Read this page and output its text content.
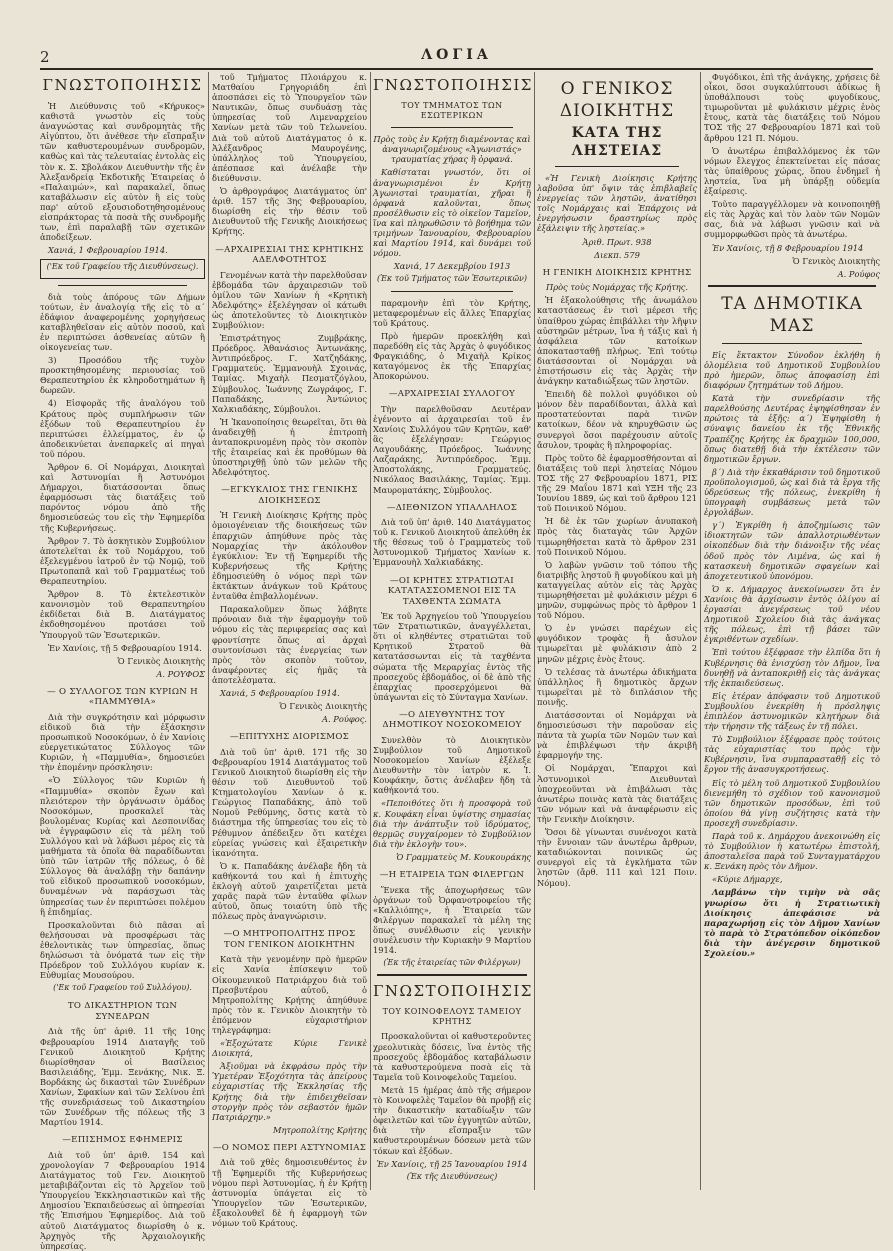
2	ΛΟΓΙΑ
ΓΝΩΣΤΟΠΟΙΗΣΙΣ

Ἡ Διεύθυνσις τοῦ «Κήρυκος» καθιστᾶ γνωστὸν εἰς τοὺς ἀναγνώστας καὶ συνδρομητὰς τῆς Αἰγύπτου, ὅτι ἀνέθεσε τὴν εἴσπραξιν τῶν καθυστερουμένων συνδρομῶν, καθὼς καὶ τὰς τελευταίας ἐντολὰς εἰς τὸν κ. Σ. Σβολάκον Διευθυντὴν τῆς ἐν Ἀλεξανδρείᾳ Ἐκδοτικῆς Ἑταιρείας ὁ «Παλαιμών», καὶ παρακαλεῖ, ὅπως καταβάλωσιν εἰς αὐτὸν ἢ εἰς τοὺς παρ' αὐτοῦ εξουσιοδοτηθησομένους εἰσπράκτορας τὰ ποσὰ τῆς συνδρομῆς των, ἐπὶ παραλαβῇ τῶν σχετικῶν ἀποδείξεων.

Χανιά, 1 Φεβρουαρίου 1914.

('Εκ τοῦ Γραφείου τῆς Διευθύνσεως).

διὰ τοὺς ἀπόρους τῶν Δήμων τούτων, ἐν ἀναλογίᾳ τῆς εἰς τὸ α΄ ἐδάφιον ἀναφερομένης χορηγήσεως καταβληθεῖσαν εἰς αὐτὸν ποσοῦ, καὶ ἐν περιπτώσει ἀσθενείας αὐτῶν ἢ οἰκογενείας των.

3) Προσόδου τῆς τυχὸν προσκτηθησομένης περιουσίας τοῦ Θεραπευτηρίου ἐκ κληροδοτημάτων ἢ δωρεῶν.

4) Εἰσφορᾶς τῆς ἀναλόγου τοῦ Κράτους πρὸς συμπλήρωσιν τῶν ἐξόδων τοῦ Θεραπευτηρίου ἐν περιπτώσει ἐλλείμματος, ἐν ᾧ ἀποδεικνύεται ἀνεπαρκεῖς αἱ πηγαὶ τοῦ πόρου.

Ἄρθρον 6. Οἱ Νομάρχαι, Διοικηταὶ καὶ Ἀστυνομίαι ἢ Ἀστυνόμοι Δήμαρχοι, διατάσσονται ὅπως ἐφαρμόσωσι τὰς διατάξεις τοῦ παρόντος νόμου ἀπὸ τῆς δημοσιεύσεώς του εἰς τὴν Ἐφημερίδα τῆς Κυβερνήσεως.

Ἄρθρον 7. Τὸ ἀσκητικὸν Συμβούλιον ἀποτελεῖται ἐκ τοῦ Νομάρχου, τοῦ ἐξελεγμένου ἰατροῦ ἐν τῷ Νομῷ, τοῦ Πρωτοπαπᾶ καὶ τοῦ Γραμματέως τοῦ Θεραπευτηρίου.

Ἄρθρον 8. Τὸ ἐκτελεστικὸν κανονισμὸν τοῦ Θεραπευτηρίου ἐκδίδεται διὰ Β. Διατάγματος ἐκδοθησομένου προτάσει τοῦ Ὑπουργοῦ τῶν Ἐσωτερικῶν.

Ἐν Χανίοις, τῇ 5 Φεβρουαρίου 1914.

Ὁ Γενικὸς Διοικητὴς

Α. ΡΟΥΦΟΣ

— Ο ΣΥΛΛΟΓΟΣ ΤΩΝ ΚΥΡΙΩΝ Η «ΠΑΜΜΥΘΙΑ»

Διὰ τὴν συγκρότησιν καὶ μόρφωσιν εἰδικοῦ διὰ τὴν ἐξάσκησιν προσωπικοῦ Νοσοκόμων, ὁ ἐν Χανίοις εὐεργετικώτατος Σύλλογος τῶν Κυριῶν, ἡ «Παμμυθία», δημοσιεύει τὴν ἑπομένην πρόσκλησιν:

«Ὁ Σύλλογος τῶν Κυριῶν ἡ «Παμμυθία» σκοπὸν ἔχων καὶ πλειότερον τὴν ὀργάνωσιν ὁμάδος Νοσοκόμων, προσκαλεῖ τὰς βουλομένας Κυρίας καὶ Δεσποινίδας νὰ ἐγγραφῶσιν εἰς τὰ μέλη τοῦ Συλλόγου καὶ νὰ λάβωσι μέρος εἰς τὰ μαθήματα τὰ ὁποῖα θὰ παραδίδωνται ὑπὸ τῶν ἰατρῶν τῆς πόλεως, ὁ δὲ Σύλλογος θὰ ἀναλάβῃ τὴν δαπάνην τοῦ εἰδικοῦ προσωπικοῦ νοσοκόμων, δυναμένων νὰ παράσχωσι τὰς ὑπηρεσίας των ἐν περιπτώσει πολέμου ἢ ἐπιδημίας.

Προσκαλοῦνται διὸ πᾶσαι αἱ θελήσουσαι νὰ προσφέρωσι τὰς ἐθελοντικὰς των ὑπηρεσίας, ὅπως δηλώσωσι τὰ ὀνόματά των εἰς τὴν Πρόεδρον τοῦ Συλλόγου κυρίαν κ. Εὐθυμίας Μουσούρου.

('Εκ τοῦ Γραφείου τοῦ Συλλόγου).

ΤΟ ΔΙΚΑΣΤΗΡΙΟΝ ΤΩΝ ΣΥΝΕΔΡΩΝ

Διὰ τῆς ὑπ' ἀριθ. 11 τῆς 10ης Φεβρουαρίου 1914 Διαταγῆς τοῦ Γενικοῦ Διοικητοῦ Κρήτης διωρίσθησαν οἱ Βασίλειος Βασιλειάδης, Ἐμμ. Ξενάκης, Νικ. Ξ. Βορδάκης ὡς δικασταὶ τῶν Συνέδρων Χανίων, Σφακίων καὶ τῶν Σελίνου ἐπὶ τῆς συνεδριάσεως τοῦ Δικαστηρίου τῶν Συνέδρων τῆς πόλεως τῆς 3 Μαρτίου 1914.

—ΕΠΙΣΗΜΟΣ ΕΦΗΜΕΡΙΣ

Διὰ τοῦ ὑπ' ἀριθ. 154 καὶ χρονολογίαν 7 Φεβρουαρίου 1914 Διατάγματος τοῦ Γεν. Διοικητοῦ μεταβιβάζονται εἰς τὸ Ἀρχεῖον τοῦ Ὑπουργείου Ἐκκλησιαστικῶν καὶ τῆς Δημοσίου Ἐκπαιδεύσεως αἱ ὑπηρεσίαι τῆς Ἐπισήμου Ἐφημερίδος. Διὰ τοῦ αὐτοῦ Διατάγματος διωρίσθη ὁ κ. Ἀρχηγὸς τῆς Ἀρχαιολογικῆς ὑπηρεσίας.

τοῦ Τμήματος Πλοιάρχου κ. Ματθαίου Γρηγοριάδη ἐπὶ ἀποσπάσει εἰς τὸ Ὑπουργεῖον τῶν Ναυτικῶν, ὅπως συνδυάσῃ τὰς ὑπηρεσίας τοῦ Λιμεναρχείου Χανίων μετὰ τῶν τοῦ Τελωνείου. Διὰ τοῦ αὐτοῦ Διατάγματος ὁ κ. Ἀλέξανδρος Μαυρογένης, ὑπάλληλος τοῦ Ὑπουργείου, ἀπέσπασε καὶ ἀνέλαβε τὴν διεύθυνσιν.

Ὁ ἀρθρογράφος Διατάγματος ὑπ' ἀριθ. 157 τῆς 3ης Φεβρουαρίου, διωρίσθη εἰς τὴν θέσιν τοῦ Διευθυντοῦ τῆς Γενικῆς Διοικήσεως Κρήτης.

—ΑΡΧΑΙΡΕΣΙΑΙ ΤΗΣ ΚΡΗΤΙΚΗΣ ΑΔΕΛΦΟΤΗΤΟΣ

Γενομένων κατὰ τὴν παρελθοῦσαν ἑβδομάδα τῶν ἀρχαιρεσιῶν τοῦ ὁμίλου τῶν Χανίων ἡ «Κρητικὴ Ἀδελφότης» ἐξελέγησαν οἱ κάτωθι ὡς ἀποτελοῦντες τὸ Διοικητικὸν Συμβούλιον:

Ἐπιστράτηγος Ζυμβράκης, Πρόεδρος. Ἀθανάσιος Ἀντωνάκης, Ἀντιπρόεδρος. Γ. Χατζηδάκης, Γραμματεύς. Ἐμμανουὴλ Σχοινάς, Ταμίας. Μιχαὴλ Πεσματζόγλου, Σύμβουλος. Ἰωάννης Ζωγράφος, Γ. Παπαδάκης, Ἀντώνιος Χαλκιαδάκης, Σύμβουλοι.

Ἡ Ἰκανοποίησις θεωρεῖται, ὅτι θὰ ἀναδειχθῇ ἡ ἐπιτροπὴ ἀνταποκρινομένη πρὸς τὸν σκοπὸν τῆς ἑταιρείας καὶ ἐκ προθύμων θὰ ὑποστηριχθῇ ὑπὸ τῶν μελῶν τῆς Ἀδελφότητος.

—ΕΓΚΥΚΛΙΟΣ ΤΗΣ ΓΕΝΙΚΗΣ ΔΙΟΙΚΗΣΕΩΣ

Ἡ Γενικὴ Διοίκησις Κρήτης πρὸς ὁμοιογένειαν τῆς διοικήσεως τῶν ἐπαρχιῶν ἀπηύθυνε πρὸς τὰς Νομαρχίας τὴν ἀκόλουθον ἐγκύκλιον: Ἐν τῇ Ἐφημερίδι τῆς Κυβερνήσεως τῆς Κρήτης ἐδημοσιεύθη ὁ νόμος περὶ τῶν ἐκτάκτων ἀνάγκων τοῦ Κράτους ἐνταῦθα ἐπιβαλλομένων.

Παρακαλοῦμεν ὅπως λάβητε πρόνοιαν διὰ τὴν ἐφαρμογὴν τοῦ νόμου εἰς τὰς περιφερείας σας καὶ φροντίσητε ὅπως αἱ ἀρχαὶ συντονίσωσι τὰς ἐνεργείας των πρὸς τὸν σκοπὸν τοῦτον, ἀναφέροντες εἰς ἡμᾶς τὰ ἀποτελέσματα.

Χανιά, 5 Φεβρουαρίου 1914.

Ὁ Γενικὸς Διοικητὴς

Α. Ρούφος.

—ΕΠΙΤΥΧΗΣ ΔΙΟΡΙΣΜΟΣ

Διὰ τοῦ ὑπ' ἀριθ. 171 τῆς 30 Φεβρουαρίου 1914 Διατάγματος τοῦ Γενικοῦ Διοικητοῦ διωρίσθη εἰς τὴν θέσιν τοῦ Διευθυντοῦ τοῦ Κτηματολογίου Χανίων ὁ κ. Γεώργιος Παπαδάκης, ἀπὸ τοῦ Νομοῦ Ρεθύμνης, ὅστις κατὰ τὸ διάστημα τῆς ὑπηρεσίας του εἰς τὸ Ρέθυμνον ἀπέδειξεν ὅτι κατέχει εὐρείας γνώσεις καὶ ἐξαιρετικὴν ἱκανότητα.

Ὁ κ. Παπαδάκης ἀνέλαβε ἤδη τὰ καθήκοντά του καὶ ἡ ἐπιτυχὴς ἐκλογὴ αὐτοῦ χαιρετίζεται μετὰ χαρᾶς παρὰ τῶν ἐνταῦθα φίλων αὐτοῦ, ὅπως τοιαύτη ὑπὸ τῆς πόλεως πρὸς ἀναγνώρισιν.

—Ο ΜΗΤΡΟΠΟΛΙΤΗΣ ΠΡΟΣ ΤΟΝ ΓΕΝΙΚΟΝ ΔΙΟΙΚΗΤΗΝ

Κατὰ τὴν γενομένην πρὸ ἡμερῶν εἰς Χανία ἐπίσκεψιν τοῦ Οἰκουμενικοῦ Πατριάρχου διὰ τοῦ Πρεσβυτέρου αὐτοῦ, ὁ Μητροπολίτης Κρήτης ἀπηύθυνε πρὸς τὸν κ. Γενικὸν Διοικητὴν τὸ ἑπόμενον εὐχαριστήριον τηλεγράφημα:

«Ἐξοχώτατε Κύριε Γενικὲ Διοικητά,

Ἀξιοῦμαι νὰ ἐκφράσω πρὸς τὴν Ὑμετέραν Ἐξοχότητα τὰς ἀπείρους εὐχαριστίας τῆς Ἐκκλησίας τῆς Κρήτης διὰ τὴν ἐπιδειχθεῖσαν στοργὴν πρὸς τὸν σεβαστὸν ἡμῶν Πατριάρχην.»

Μητροπολίτης Κρήτης

—Ο ΝΟΜΟΣ ΠΕΡΙ ΑΣΤΥΝΟΜΙΑΣ

Διὰ τοῦ χθὲς δημοσιευθέντος ἐν τῇ Ἐφημερίδι τῆς Κυβερνήσεως νόμου περὶ Ἀστυνομίας, ἡ ἐν Κρήτῃ ἀστυνομία ὑπάγεται εἰς τὸ Ὑπουργεῖον τῶν Ἐσωτερικῶν, ἐξακολουθεῖ δὲ ἡ ἐφαρμογὴ τῶν νόμων τοῦ Κράτους.

ΓΝΩΣΤΟΠΟΙΗΣΙΣ
ΤΟΥ ΤΜΗΜΑΤΟΣ ΤΩΝ ΕΣΩΤΕΡΙΚΩΝ

Πρὸς τοὺς ἐν Κρήτῃ διαμένοντας καὶ ἀναγνωριζομένους «Ἀγωνιστάς» τραυματίας χήρας ἢ ὀρφανά.

Καθίσταται γνωστόν, ὅτι οἱ ἀναγνωρισμένοι ἐν Κρήτῃ Ἀγωνισταὶ τραυματίαι, χῆραι ἢ ὀρφανὰ καλοῦνται, ὅπως προσέλθωσιν εἰς τὸ οἰκεῖον Ταμεῖον, ἵνα καὶ πληρωθῶσιν τὸ βοήθημα τῶν τριμήνων Ἰανουαρίου, Φεβρουαρίου καὶ Μαρτίου 1914, καὶ δυνάμει τοῦ νόμου.

Χανιά, 17 Δεκεμβρίου 1913

(Ἐκ τοῦ Τμήματος τῶν Ἐσωτερικῶν)

παραμονὴν ἐπὶ τὸν Κρήτης, μεταφερομένων εἰς ἄλλες Ἐπαρχίας τοῦ Κράτους.

Πρὸ ἡμερῶν προεκλήθη καὶ παρεδόθη εἰς τὰς Ἀρχὰς ὁ φυγόδικος Φραγκιάδης, ὁ Μιχαὴλ Κρίκος καταγόμενος ἐκ τῆς Ἐπαρχίας Ἀποκορώνου.

—ΑΡΧΑΙΡΕΣΙΑΙ ΣΥΛΛΟΓΟΥ

Τὴν παρελθοῦσαν Δευτέραν ἐγένοντο αἱ ἀρχαιρεσίαι τοῦ ἐν Χανίοις Συλλόγου τῶν Κρητῶν, καθ' ἃς ἐξελέγησαν: Γεώργιος Λαγουδάκης, Πρόεδρος. Ἰωάννης Λαζαράκης, Ἀντιπρόεδρος. Ἐμμ. Ἀποστολάκης, Γραμματεύς. Νικόλαος Βασιλάκης, Ταμίας. Ἐμμ. Μαυροματάκης, Σύμβουλος.

—ΔΙΕΘΝΙΖΟΝ ΥΠΑΛΛΗΛΟΣ

Διὰ τοῦ ὑπ' ἀριθ. 140 Διατάγματος τοῦ κ. Γενικοῦ Διοικητοῦ ἀπελύθη ἐκ τῆς θέσεως τοῦ ὁ Γραμματεὺς τοῦ Ἀστυνομικοῦ Τμήματος Χανίων κ. Ἐμμανουὴλ Χαλκιαδάκης.

—ΟΙ ΚΡΗΤΕΣ ΣΤΡΑΤΙΩΤΑΙ ΚΑΤΑΤΑΣΣΟΜΕΝΟΙ ΕΙΣ ΤΑ ΤΑΧΘΕΝΤΑ ΣΩΜΑΤΑ

Ἐκ τοῦ Ἀρχηγείου τοῦ Ὑπουργείου τῶν Στρατιωτικῶν, ἀναγγέλλεται, ὅτι οἱ κληθέντες στρατιῶται τοῦ Κρητικοῦ Στρατοῦ θὰ κατατάσσωνται εἰς τὰ ταχθέντα σώματα τῆς Μεραρχίας ἐντὸς τῆς προσεχοῦς ἑβδομάδος, οἱ δὲ ἀπὸ τῆς ἐπαρχίας προσερχόμενοι θὰ ὑπάγωνται εἰς τὸ Σύνταγμα Χανίων.

—Ο ΔΙΕΥΘΥΝΤΗΣ ΤΟΥ ΔΗΜΟΤΙΚΟΥ ΝΟΣΟΚΟΜΕΙΟΥ

Συνελθὸν τὸ Διοικητικὸν Συμβούλιον τοῦ Δημοτικοῦ Νοσοκομείου Χανίων ἐξέλεξε Διευθυντὴν τὸν ἰατρὸν κ. Ἰ. Κουφάκην, ὅστις ἀνέλαβεν ἤδη τὰ καθήκοντά του.

«Πεποιθότες ὅτι ἡ προσφορὰ τοῦ κ. Κουφάκη εἶναι ὑψίστης σημασίας διὰ τὴν ἀνάπτυξιν τοῦ ἱδρύματος, θερμῶς συγχαίρομεν τὸ Συμβούλιον διὰ τὴν ἐκλογὴν του».

Ὁ Γραμματεὺς Μ. Κουκουράκης

—Η ΕΤΑΙΡΕΙΑ ΤΩΝ ΦΙΛΕΡΓΩΝ

Ἕνεκα τῆς ἀποχωρήσεως τῶν ὀργάνων τοῦ Ὀρφανοτροφείου τῆς «Καλλιόπης», ἡ Ἐταιρεία τῶν Φιλέργων παρακαλεῖ τὰ μέλη της ὅπως συνέλθωσιν εἰς γενικὴν συνέλευσιν τὴν Κυριακὴν 9 Μαρτίου 1914.

(Ἐκ τῆς ἑταιρείας τῶν Φιλέργων)

ΓΝΩΣΤΟΠΟΙΗΣΙΣ
ΤΟΥ ΚΟΙΝΟΦΕΛΟΥΣ ΤΑΜΕΙΟΥ ΚΡΗΤΗΣ

Προσκαλοῦνται οἱ καθυστεροῦντες χρεολυτικὰς δόσεις, ἵνα ἐντὸς τῆς προσεχοῦς ἑβδομάδος καταβάλωσιν τὰ καθυστερούμενα ποσὰ εἰς τὰ Ταμεῖα τοῦ Κοινοφελοῦς Ταμείου.

Μετὰ 15 ἡμέρας ἀπὸ τῆς σήμερον τὸ Κοινοφελὲς Ταμεῖον θὰ προβῇ εἰς τὴν δικαστικὴν καταδίωξιν τῶν ὀφειλετῶν καὶ τῶν ἐγγυητῶν αὐτῶν, διὰ τὴν εἴσπραξιν τῶν καθυστερουμένων δόσεων μετὰ τῶν τόκων καὶ ἐξόδων.

Ἐν Χανίοις, τῇ 25 Ἰανουαρίου 1914

(Ἐκ τῆς Διευθύνσεως)

Ο ΓΕΝΙΚΟΣ ΔΙΟΙΚΗΤΗΣ
ΚΑΤΑ ΤΗΣ ΛΗΣΤΕΙΑΣ

«Ἡ Γενικὴ Διοίκησις Κρήτης λαβοῦσα ὑπ' ὄψιν τὰς ἐπιβλαβεῖς ἐνεργείας τῶν ληστῶν, ἀνατίθησι τοῖς Νομάρχαις καὶ Ἐπάρχοις νὰ ἐνεργήσωσιν δραστηρίως πρὸς ἐξάλειψιν τῆς ληστείας.»

Ἀριθ. Πρωτ. 938

Διεκπ. 579

Η ΓΕΝΙΚΗ ΔΙΟΙΚΗΣΙΣ ΚΡΗΤΗΣ

Πρὸς τοὺς Νομάρχας τῆς Κρήτης.

Ἡ ἐξακολούθησις τῆς ἀνωμάλου καταστάσεως ἐν τισὶ μέρεσι τῆς ὑπαίθρου χώρας ἐπιβάλλει τὴν λῆψιν αὐστηρῶν μέτρων, ἵνα ἡ τάξις καὶ ἡ ἀσφάλεια τῶν κατοίκων ἀποκατασταθῇ πλήρως. Ἐπὶ τούτῳ διατάσσονται οἱ Νομάρχαι νὰ ἐπιστήσωσιν εἰς τὰς Ἀρχὰς τὴν ἀνάγκην καταδιώξεως τῶν ληστῶν.

Ἐπειδὴ δὲ πολλοὶ φυγόδικοι οὐ μόνον δὲν παραδίδονται, ἀλλὰ καὶ προστατεύονται παρὰ τινῶν κατοίκων, δέον νὰ κηρυχθῶσιν ὡς συνεργοὶ ὅσοι παρέχουσιν αὐτοῖς ἄσυλον, τροφὰς ἢ πληροφορίας.

Πρὸς τοῦτο δὲ ἐφαρμοσθήσονται αἱ διατάξεις τοῦ περὶ ληστείας Νόμου ΤΟΣ τῆς 27 Φεβρουαρίου 1871, ΡΙΣ τῆς 29 Μαΐου 1871 καὶ ΥΞΗ τῆς 23 Ἰουνίου 1889, ὡς καὶ τοῦ ἄρθρου 121 τοῦ Ποινικοῦ Νόμου.

Ἡ δὲ ἐκ τῶν χωρίων ἀνυπακοὴ πρὸς τὰς διαταγὰς τῶν Ἀρχῶν τιμωρηθήσεται κατὰ τὸ ἄρθρον 231 τοῦ Ποινικοῦ Νόμου.

Ὁ λαβὼν γνῶσιν τοῦ τόπου τῆς διατριβῆς ληστοῦ ἢ φυγοδίκου καὶ μὴ καταγγείλας αὐτὸν εἰς τὰς Ἀρχὰς τιμωρηθήσεται μὲ φυλάκισιν μέχρι 6 μηνῶν, συμφώνως πρὸς τὸ ἄρθρον 1 τοῦ Νόμου.

Ὁ ἐν γνώσει παρέχων εἰς φυγόδικον τροφὰς ἢ ἄσυλον τιμωρεῖται μὲ φυλάκισιν ἀπὸ 2 μηνῶν μέχρις ἑνὸς ἔτους.

Ὁ τελέσας τὰ ἀνωτέρω ἀδικήματα ὑπάλληλος ἢ δημοτικὸς ἄρχων τιμωρεῖται μὲ τὸ διπλάσιον τῆς ποινῆς.

Διατάσσονται οἱ Νομάρχαι νὰ δημοσιεύσωσι τὴν παροῦσαν εἰς πάντα τὰ χωρία τῶν Νομῶν των καὶ νὰ ἐπιβλέψωσι τὴν ἀκριβῆ ἐφαρμογήν της.

Οἱ Νομάρχαι, Ἔπαρχοι καὶ Ἀστυνομικοὶ Διευθυνταὶ ὑποχρεοῦνται νὰ ἐπιβάλωσι τὰς ἀνωτέρω ποινὰς κατὰ τὰς διατάξεις τῶν νόμων καὶ νὰ ἀναφέρωσιν εἰς τὴν Γενικὴν Διοίκησιν.

Ὅσοι δὲ γίνωνται συνένοχοι κατὰ τὴν ἔννοιαν τῶν ἀνωτέρω ἄρθρων, καταδιώκονται ποινικῶς ὡς συνεργοὶ εἰς τὰ ἐγκλήματα τῶν ληστῶν (ἄρθ. 111 καὶ 121 Ποιν. Νόμου).

Φυγόδικοι, ἐπὶ τῆς ἀνάγκης, χρήσεις δὲ οἶκοι, ὅσοι συγκαλύπτουσι ἀδίκως ἢ ὑποθάλπουσι τοὺς φυγοδίκους, τιμωροῦνται μὲ φυλάκισιν μέχρις ἑνὸς ἔτους, κατὰ τὰς διατάξεις τοῦ Νόμου ΤΟΣ τῆς 27 Φεβρουαρίου 1871 καὶ τοῦ ἄρθρου 121 Π. Νόμου.

Ὁ ἀνωτέρω ἐπιβαλλόμενος ἐκ τῶν νόμων ἔλεγχος ἐπεκτείνεται εἰς πάσας τὰς ὑπαίθρους χώρας, ὅπου ἐνδημεῖ ἡ ληστεία, ἵνα μὴ ὑπάρξῃ οὐδεμία ἐξαίρεσις.

Τοῦτο παραγγέλλομεν νὰ κοινοποιηθῇ εἰς τὰς Ἀρχὰς καὶ τὸν λαὸν τῶν Νομῶν σας, διὰ νὰ λάβωσι γνῶσιν καὶ νὰ συμμορφωθῶσι πρὸς τὰ ἀνωτέρω.

Ἐν Χανίοις, τῇ 8 Φεβρουαρίου 1914

Ὁ Γενικὸς Διοικητὴς

Α. Ρούφος

ΤΑ ΔΗΜΟΤΙΚΑ ΜΑΣ

Εἰς ἔκτακτον Σύνοδον ἐκλήθη ἡ ὁλομέλεια τοῦ Δημοτικοῦ Συμβουλίου πρὸ ἡμερῶν, ὅπως ἀποφασίσῃ ἐπὶ διαφόρων ζητημάτων τοῦ Δήμου.

Κατὰ τὴν συνεδρίασιν τῆς παρελθούσης Δευτέρας ἐψηφίσθησαν ἐν πρώτοις τὰ ἑξῆς: α΄) Ἐψηφίσθη ἡ σύναψις δανείου ἐκ τῆς Ἐθνικῆς Τραπέζης Κρήτης ἐκ δραχμῶν 100,000, ὅπως διατεθῇ διὰ τὴν ἐκτέλεσιν τῶν δημοτικῶν ἔργων.

β΄) Διὰ τὴν ἐκκαθάρισιν τοῦ δημοτικοῦ προϋπολογισμοῦ, ὡς καὶ διὰ τὰ ἔργα τῆς ὑδρεύσεως τῆς πόλεως, ἐνεκρίθη ἡ ὑπογραφὴ συμβάσεως μετὰ τῶν ἐργολάβων.

γ΄) Ἐγκρίθη ἡ ἀποζημίωσις τῶν ἰδιοκτητῶν τῶν ἀπαλλοτριωθέντων οἰκοπέδων διὰ τὴν διάνοιξιν τῆς νέας ὁδοῦ πρὸς τὸν Λιμένα, ὡς καὶ ἡ κατασκευὴ δημοτικῶν σφαγείων καὶ ἀποχετευτικοῦ ὑπονόμου.

Ὁ κ. Δήμαρχος ἀνεκοίνωσεν ὅτι ἐν Χανίοις θὰ ἀρχίσωσιν ἐντὸς ὀλίγου αἱ ἐργασίαι ἀνεγέρσεως τοῦ νέου Δημοτικοῦ Σχολείου διὰ τὰς ἀνάγκας τῆς πόλεως, ἐπὶ τῇ βάσει τῶν ἐγκριθέντων σχεδίων.

Ἐπὶ τούτου ἐξέφρασε τὴν ἐλπίδα ὅτι ἡ Κυβέρνησις θὰ ἐνισχύσῃ τὸν Δῆμον, ἵνα δυνηθῇ νὰ ἀνταποκριθῇ εἰς τὰς ἀνάγκας τῆς ἐκπαιδεύσεως.

Εἰς ἑτέραν ἀπόφασιν τοῦ Δημοτικοῦ Συμβουλίου ἐνεκρίθη ἡ πρόσληψις ἐπιπλέον ἀστυνομικῶν κλητήρων διὰ τὴν τήρησιν τῆς τάξεως ἐν τῇ πόλει.

Τὸ Συμβούλιον ἐξέφρασε πρὸς τούτοις τὰς εὐχαριστίας του πρὸς τὴν Κυβέρνησιν, ἵνα συμπαρασταθῇ εἰς τὸ ἔργον τῆς ἀνασυγκροτήσεως.

Εἰς τὸ μέλη τοῦ Δημοτικοῦ Συμβουλίου διενεμήθη τὸ σχέδιον τοῦ κανονισμοῦ τῶν δημοτικῶν προσόδων, ἐπὶ τοῦ ὁποίου θὰ γίνῃ συζήτησις κατὰ τὴν προσεχῆ συνεδρίασιν.

Παρὰ τοῦ κ. Δημάρχου ἀνεκοινώθη εἰς τὸ Συμβούλιον ἡ κατωτέρω ἐπιστολή, ἀποσταλεῖσα παρὰ τοῦ Συνταγματάρχου κ. Ξενάκη πρὸς τὸν Δῆμον.

«Κύριε Δήμαρχε,

Λαμβάνω τὴν τιμὴν νὰ σᾶς γνωρίσω ὅτι ἡ Στρατιωτικὴ Διοίκησις ἀπεφάσισε νὰ παραχωρήσῃ εἰς τὸν Δῆμον Χανίων τὸ παρὰ τὸ Στρατόπεδον οἰκόπεδον διὰ τὴν ἀνέγερσιν δημοτικοῦ Σχολείου.»
